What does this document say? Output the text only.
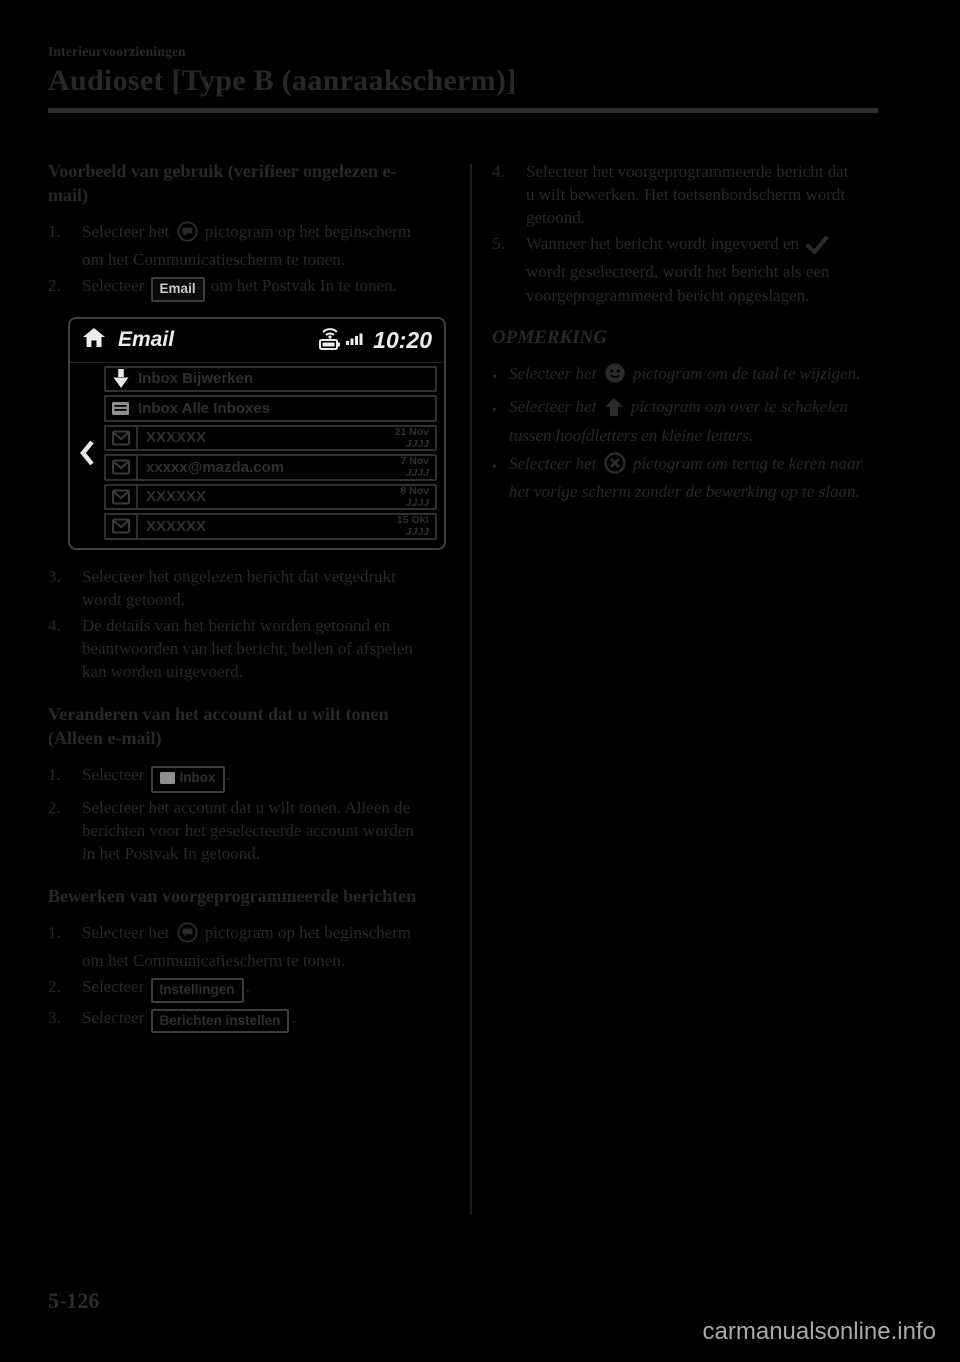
Interieurvoorzieningen
Audioset [Type B (aanraakscherm)]
Voorbeeld van gebruik (verifieer ongelezen e-mail)
1.	Selecteer het  pictogram op het beginscherm om het Communicatiescherm te tonen.
2.	Selecteer Email om het Postvak In te tonen.
Email	10:20
Inbox Bijwerken
Inbox Alle Inboxes
XXXXXX	21 Nov
JJJJ
xxxxx@mazda.com	7 Nov
JJJJ
XXXXXX	8 Nov
JJJJ
XXXXXX	15 Okt
JJJJ
3.	Selecteer het ongelezen bericht dat vetgedrukt wordt getoond.
4.	De details van het bericht worden getoond en beantwoorden van het bericht, bellen of afspelen kan worden uitgevoerd.
Veranderen van het account dat u wilt tonen (Alleen e-mail)
1.	Selecteer Inbox .
2.	Selecteer het account dat u wilt tonen. Alleen de berichten voor het geselecteerde account worden in het Postvak In getoond.
Bewerken van voorgeprogrammeerde berichten
1.	Selecteer het  pictogram op het beginscherm om het Communicatiescherm te tonen.
2.	Selecteer Instellingen .
3.	Selecteer Berichten instellen .
4.	Selecteer het voorgeprogrammeerde bericht dat u wilt bewerken. Het toetsenbordscherm wordt getoond.
5.	Wanneer het bericht wordt ingevoerd en  wordt geselecteerd, wordt het bericht als een voorgeprogrammeerd bericht opgeslagen.
OPMERKING
•
Selecteer het  pictogram om de taal te wijzigen.
•
Selecteer het  pictogram om over te schakelen tussen hoofdletters en kleine letters.
•
Selecteer het  pictogram om terug te keren naar het vorige scherm zonder de bewerking op te slaan.
5-126
carmanualsonline.info
